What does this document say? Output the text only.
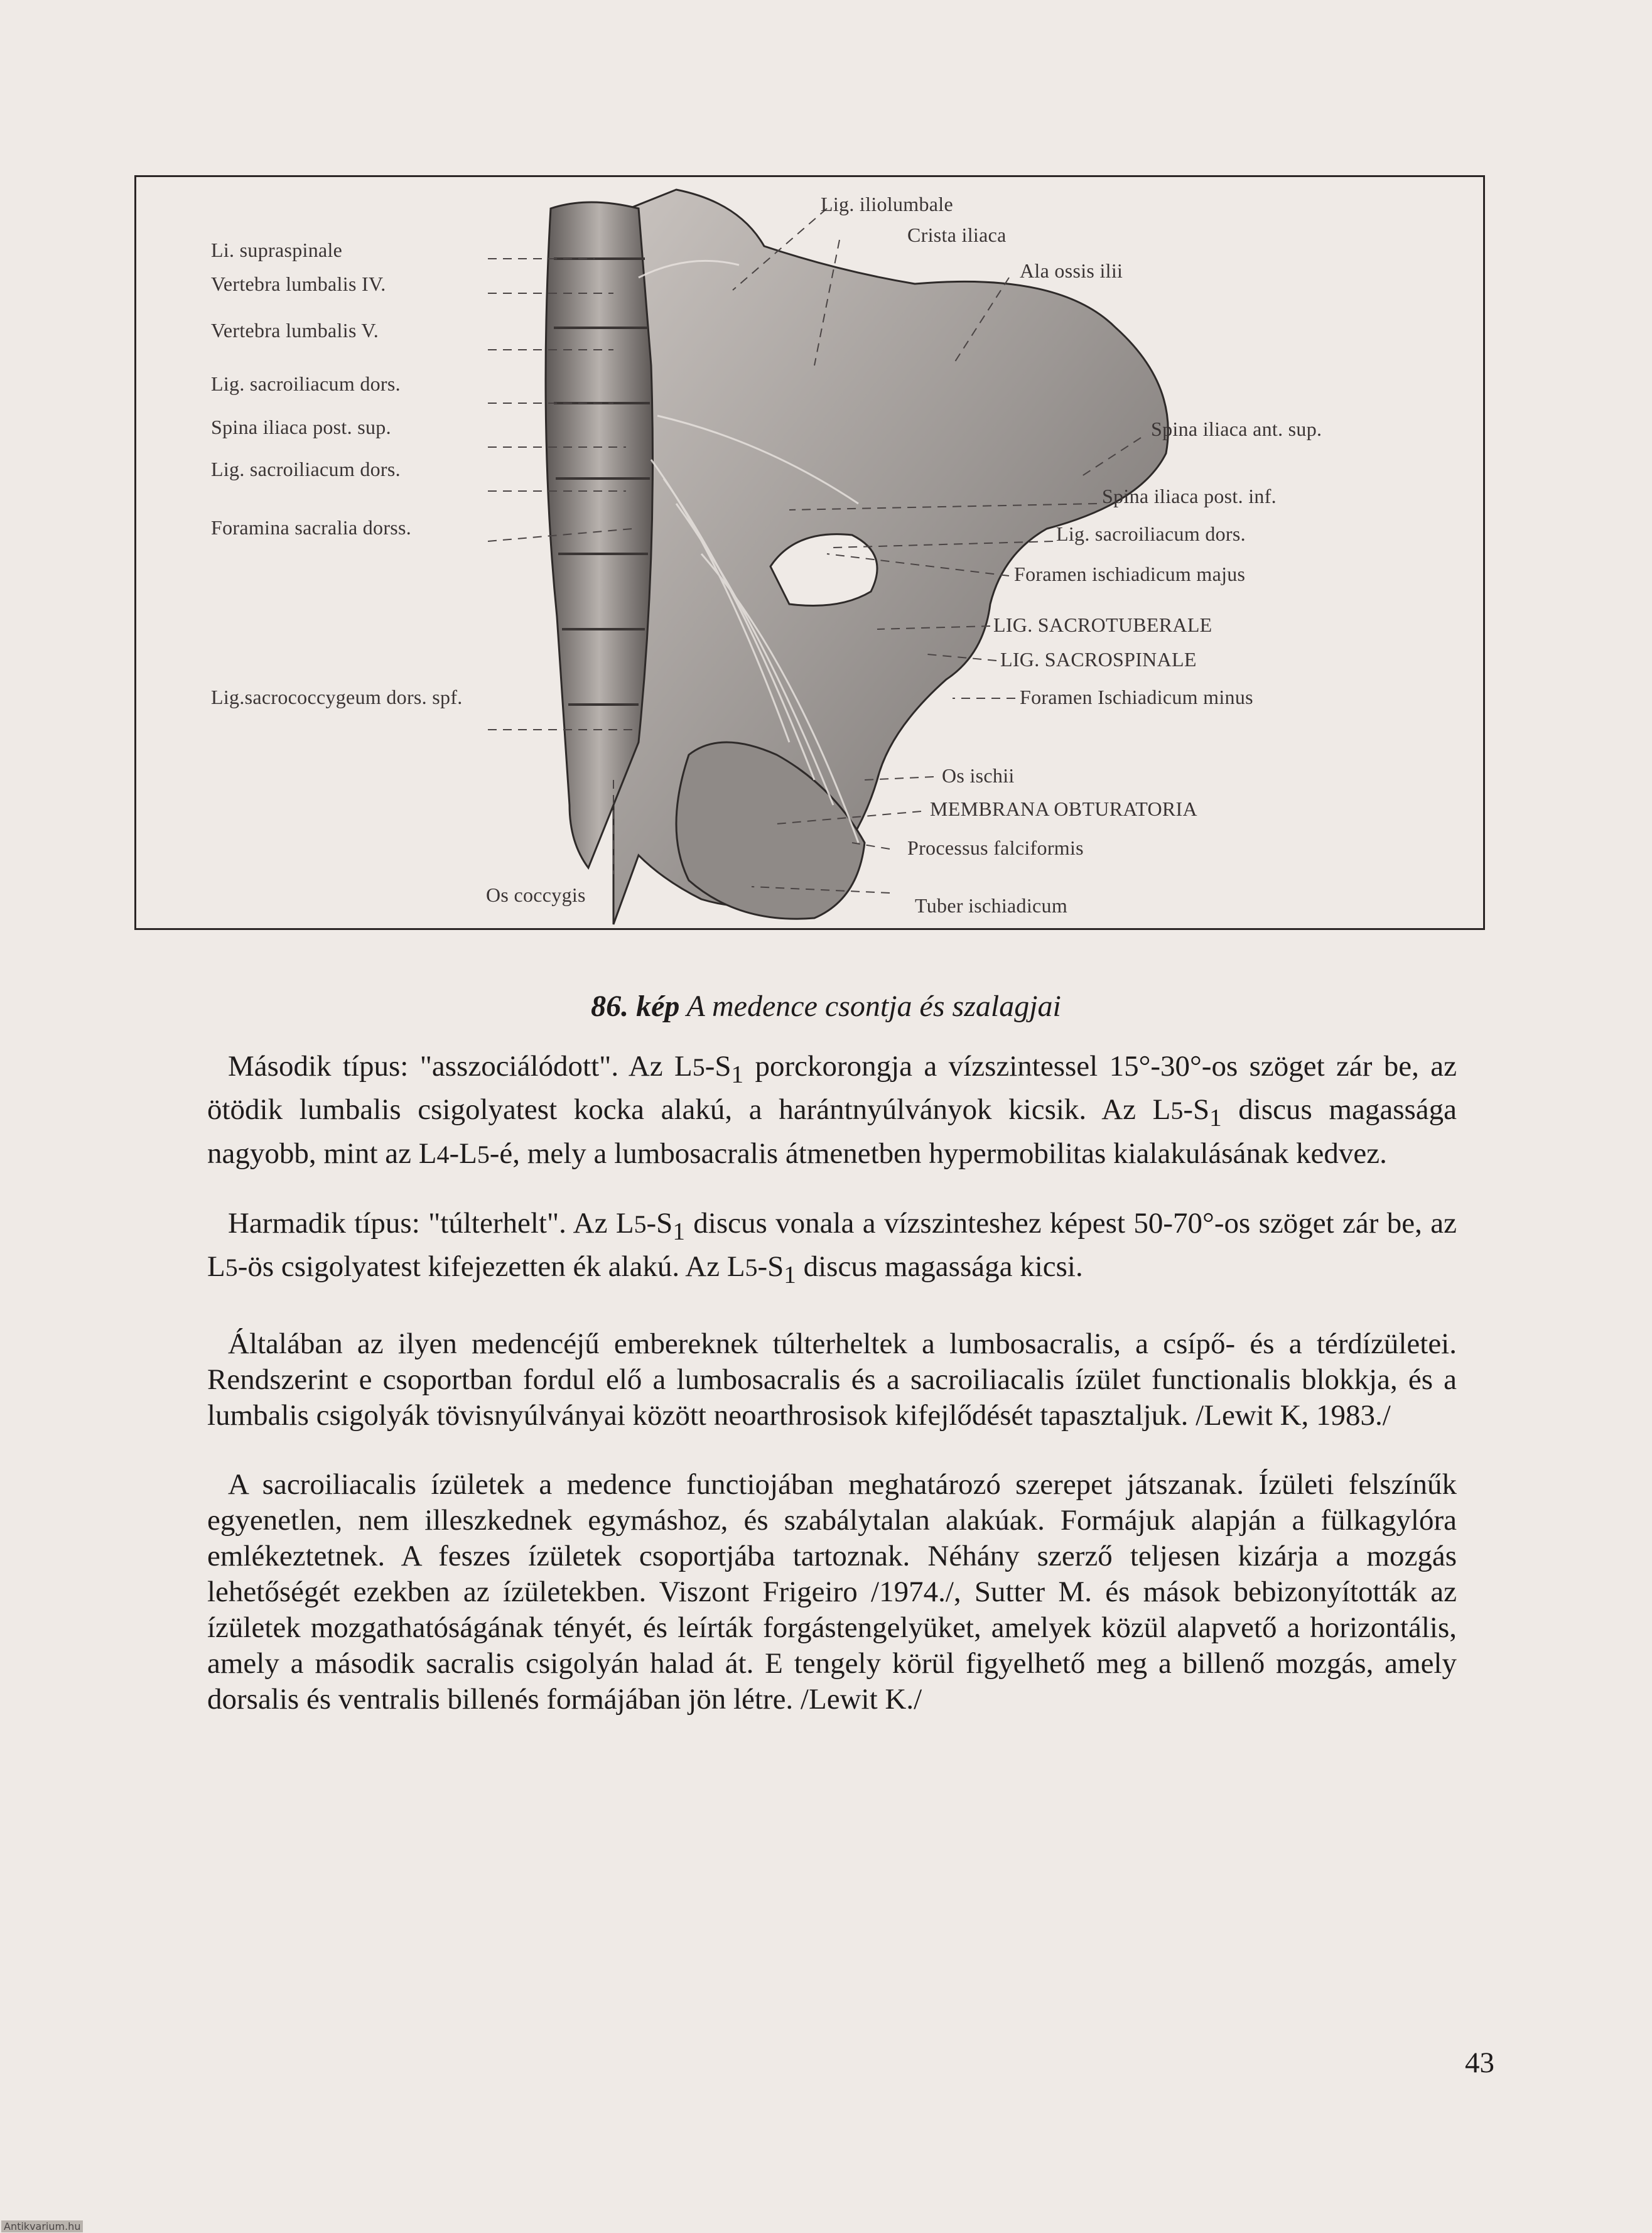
Li. supraspinale
Vertebra lumbalis IV.
Vertebra lumbalis V.
Lig. sacroiliacum dors.
Spina iliaca post. sup.
Lig. sacroiliacum dors.
Foramina sacralia dorss.
Lig.sacrococcygeum dors. spf.
Lig. iliolumbale
Crista iliaca
Ala ossis ilii
Spina iliaca ant. sup.
Spina iliaca post. inf.
Lig. sacroiliacum dors.
Foramen ischiadicum majus
LIG. SACROTUBERALE
LIG. SACROSPINALE
Foramen Ischiadicum minus
Os ischii
MEMBRANA OBTURATORIA
Processus falciformis
Tuber ischiadicum
Os coccygis
86. kép A medence csontja és szalagjai

Második típus: "asszociálódott". Az $L5-S_1$ porckorongja a vízszintessel 15°-30°-os szöget zár be, az ötödik lumbalis csigolyatest kocka alakú, a harántnyúlványok kicsik. Az $L5-S_1$ discus magassága nagyobb, mint az L4-L5-é, mely a lumbosacralis átmenetben hypermobilitas kialakulásának kedvez.

Harmadik típus: "túlterhelt". Az $L5-S_1$ discus vonala a vízszinteshez képest 50-70°-os szöget zár be, az L5-ös csigolyatest kifejezetten ék alakú. Az $L5-S_1$ discus magassága kicsi.

Általában az ilyen medencéjű embereknek túlterheltek a lumbosacralis, a csípő- és a térdízületei. Rendszerint e csoportban fordul elő a lumbosacralis és a sacroiliacalis ízület functionalis blokkja, és a lumbalis csigolyák tövisnyúlványai között neoarthrosisok kifejlődését tapasztaljuk. /Lewit K, 1983./

A sacroiliacalis ízületek a medence functiojában meghatározó szerepet játszanak. Ízületi felszínűk egyenetlen, nem illeszkednek egymáshoz, és szabálytalan alakúak. Formájuk alapján a fülkagylóra emlékeztetnek. A feszes ízületek csoportjába tartoznak. Néhány szerző teljesen kizárja a mozgás lehetőségét ezekben az ízületekben. Viszont Frigeiro /1974./, Sutter M. és mások bebizonyították az ízületek mozgathatóságának tényét, és leírták forgástengelyüket, amelyek közül alapvető a horizontális, amely a második sacralis csigolyán halad át. E tengely körül figyelhető meg a billenő mozgás, amely dorsalis és ventralis billenés formájában jön létre. /Lewit K./

43
Antikvarium.hu
